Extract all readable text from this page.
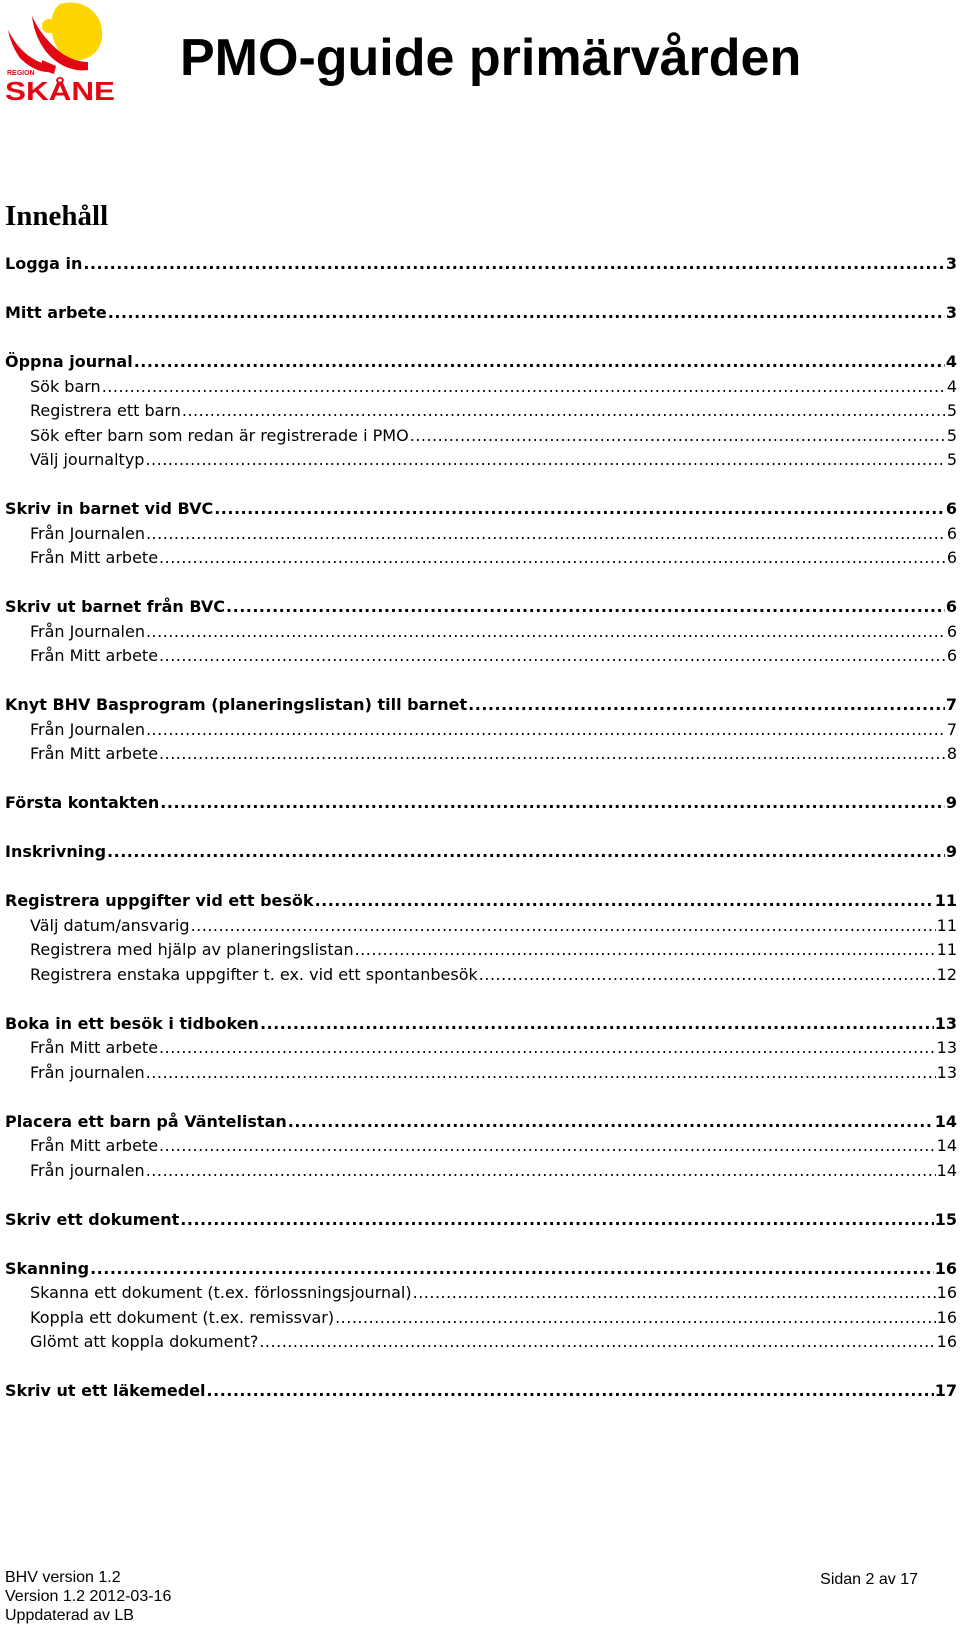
REGION
SKÅNE
PMO-guide primärvården
Innehåll
Logga in .....	3
Mitt arbete .....	3
Öppna journal .....	4
Sök barn .....	4
Registrera ett barn .....	5
Sök efter barn som redan är registrerade i PMO .....	5
Välj journaltyp .....	5
Skriv in barnet vid BVC .....	6
Från Journalen .....	6
Från Mitt arbete .....	6
Skriv ut barnet från BVC .....	6
Från Journalen .....	6
Från Mitt arbete .....	6
Knyt BHV Basprogram (planeringslistan) till barnet .....	7
Från Journalen .....	7
Från Mitt arbete .....	8
Första kontakten .....	9
Inskrivning .....	9
Registrera uppgifter vid ett besök .....	11
Välj datum/ansvarig .....	11
Registrera med hjälp av planeringslistan .....	11
Registrera enstaka uppgifter t. ex. vid ett spontanbesök .....	12
Boka in ett besök i tidboken .....	13
Från Mitt arbete .....	13
Från journalen .....	13
Placera ett barn på Väntelistan .....	14
Från Mitt arbete .....	14
Från journalen .....	14
Skriv ett dokument .....	15
Skanning .....	16
Skanna ett dokument (t.ex. förlossningsjournal) .....	16
Koppla ett dokument (t.ex. remissvar) .....	16
Glömt att koppla dokument? .....	16
Skriv ut ett läkemedel .....	17
BHV version 1.2
Version 1.2 2012-03-16
Uppdaterad av LB
Sidan 2 av 17
